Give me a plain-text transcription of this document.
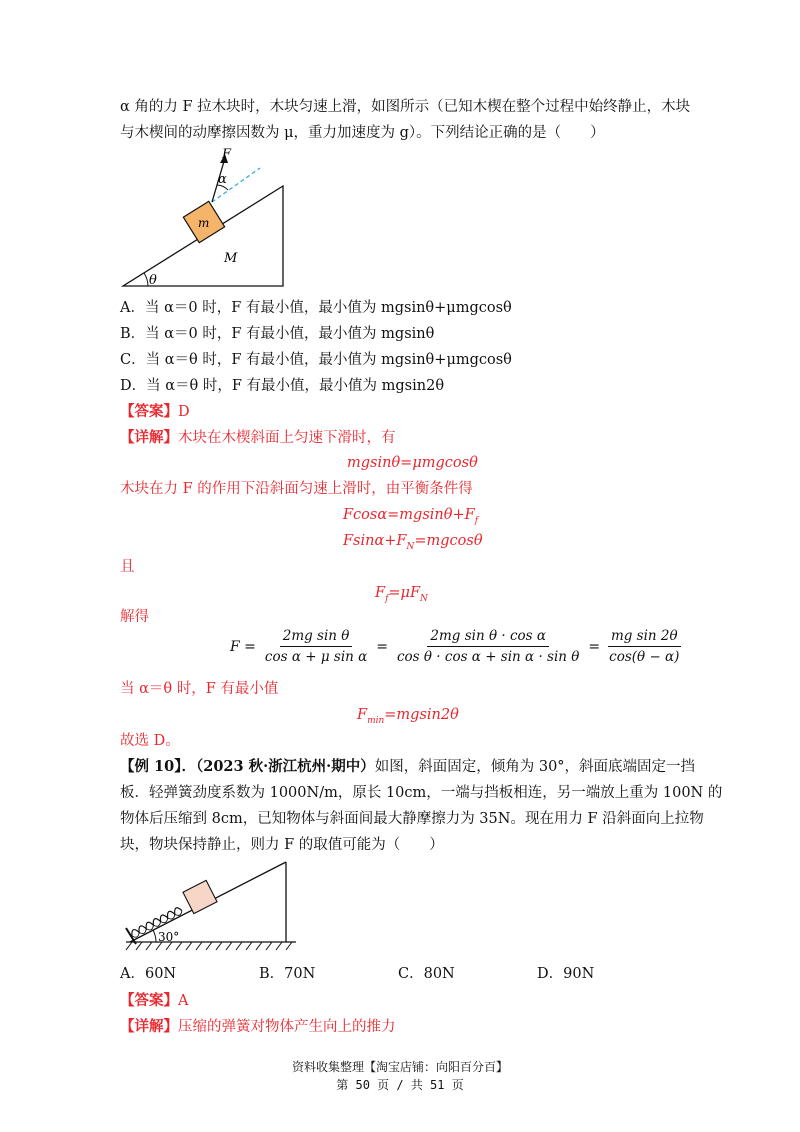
α 角的力 F 拉木块时，木块匀速上滑，如图所示（已知木楔在整个过程中始终静止，木块
与木楔间的动摩擦因数为 μ，重力加速度为 g）。下列结论正确的是（　　）
θ
M
m
F
α
A．当 α＝0 时，F 有最小值，最小值为 mgsinθ+μmgcosθ
B．当 α＝0 时，F 有最小值，最小值为 mgsinθ
C．当 α＝θ 时，F 有最小值，最小值为 mgsinθ+μmgcosθ
D．当 α＝θ 时，F 有最小值，最小值为 mgsin2θ
【答案】D
【详解】木块在木楔斜面上匀速下滑时，有
mgsinθ=μmgcosθ
木块在力 F 的作用下沿斜面匀速上滑时，由平衡条件得
$Fcos\alpha=mgsin\theta+F_f$
$Fsin\alpha+F_N=mgcos\theta$
且
$F_f=\mu F_N$
解得
$F = \frac{\text{2mg sin θ}}{\text{cos α + μ sin α}} = \frac{\text{2mg sin θ · cos α}}{\text{cos θ · cos α + sin α · sin θ}} = \frac{\text{mg sin 2θ}}{\cos(\theta - \alpha)}$
当 α＝θ 时，F 有最小值
$F_{min}=mgsin2\theta$
故选 D。
【例 10】．（2023 秋·浙江杭州·期中）如图，斜面固定，倾角为 30°，斜面底端固定一挡
板．轻弹簧劲度系数为 1000N/m，原长 10cm，一端与挡板相连，另一端放上重为 100N 的
物体后压缩到 8cm，已知物体与斜面间最大静摩擦力为 35N。现在用力 F 沿斜面向上拉物
块，物块保持静止，则力 F 的取值可能为（　　）
30°
A．60N	B．70N	C．80N	D．90N
【答案】A
【详解】压缩的弹簧对物体产生向上的推力
资料收集整理【淘宝店铺：向阳百分百】
第 50 页 / 共 51 页
